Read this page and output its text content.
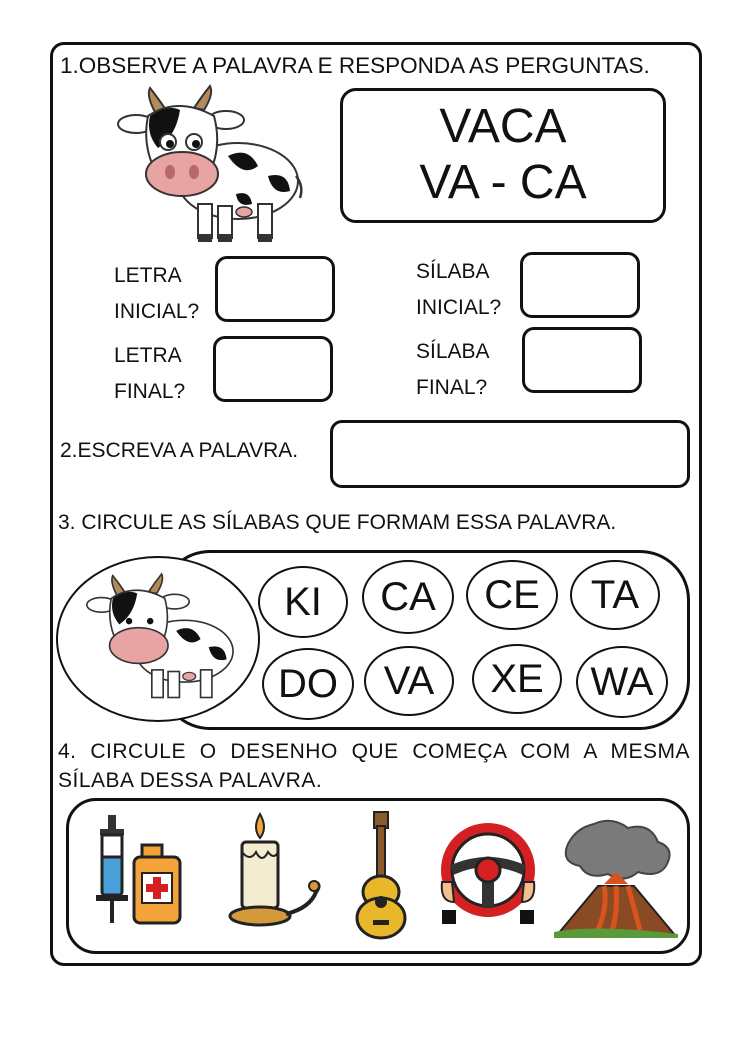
1.OBSERVE A PALAVRA E RESPONDA AS PERGUNTAS.
VACA
VA - CA
LETRA
INICIAL?
LETRA
FINAL?
SÍLABA
INICIAL?
SÍLABA
FINAL?
2.ESCREVA A PALAVRA.
3. CIRCULE AS SÍLABAS QUE FORMAM ESSA PALAVRA.
KI	CA	CE	TA
DO	VA	XE	WA
4. CIRCULE O DESENHO QUE COMEÇA COM A MESMA

SÍLABA DESSA PALAVRA.
